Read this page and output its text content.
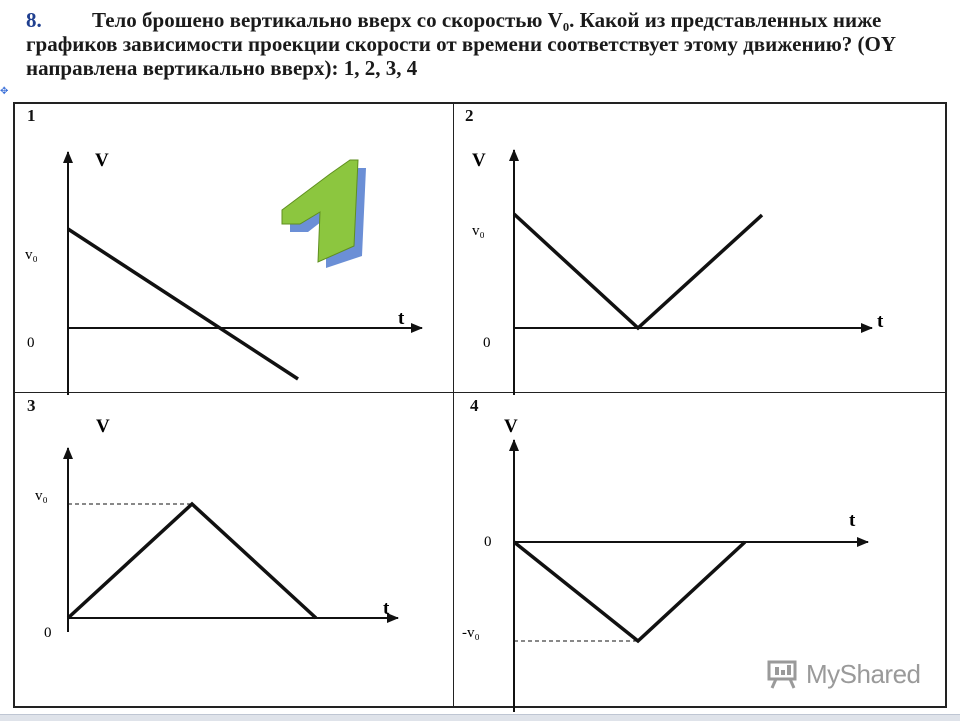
8. Тело брошено вертикально вверх со скоростью V₀. Какой из представленных ниже графиков зависимости проекции скорости от времени соответствует этому движению? (OY направлена вертикально вверх): 1, 2, 3, 4
✥
1	2
3	4
V
t
v₀
0
V
t
v₀
0
V
t
v₀
0
V
t
-v₀
0
MyShared
